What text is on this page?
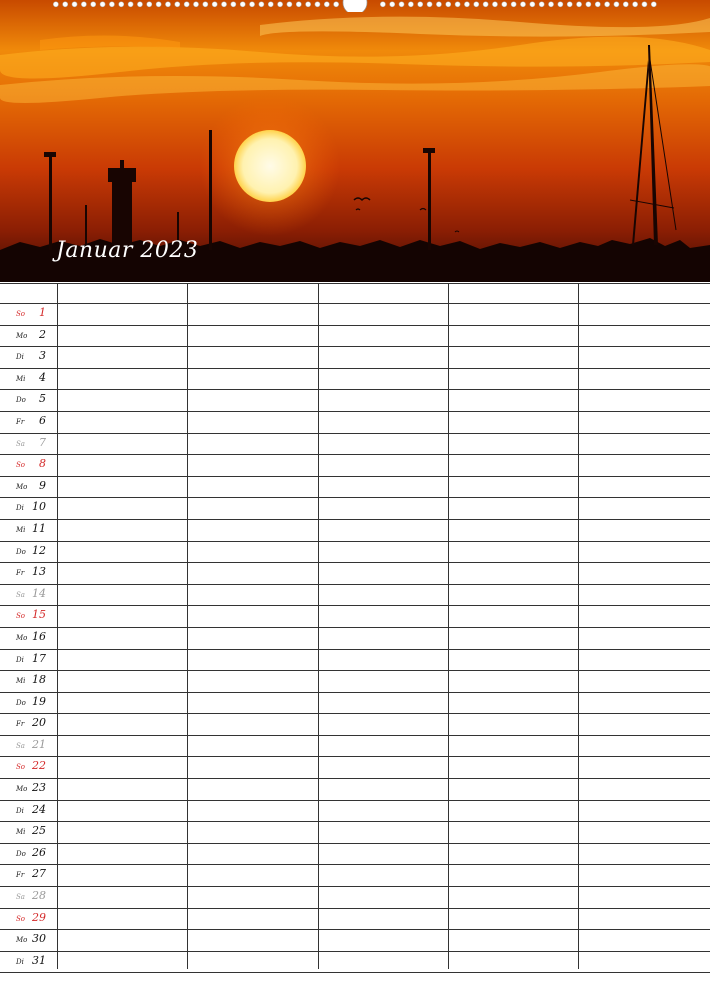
Januar 2023
So	1
Mo	2
Di	3
Mi	4
Do	5
Fr	6
Sa	7
So	8
Mo	9
Di 10
Mi 11
Do 12
Fr 13
Sa 14
So 15
Mo 16
Di 17
Mi 18
Do 19
Fr 20
Sa 21
So 22
Mo 23
Di 24
Mi 25
Do 26
Fr 27
Sa 28
So 29
Mo 30
Di 31
